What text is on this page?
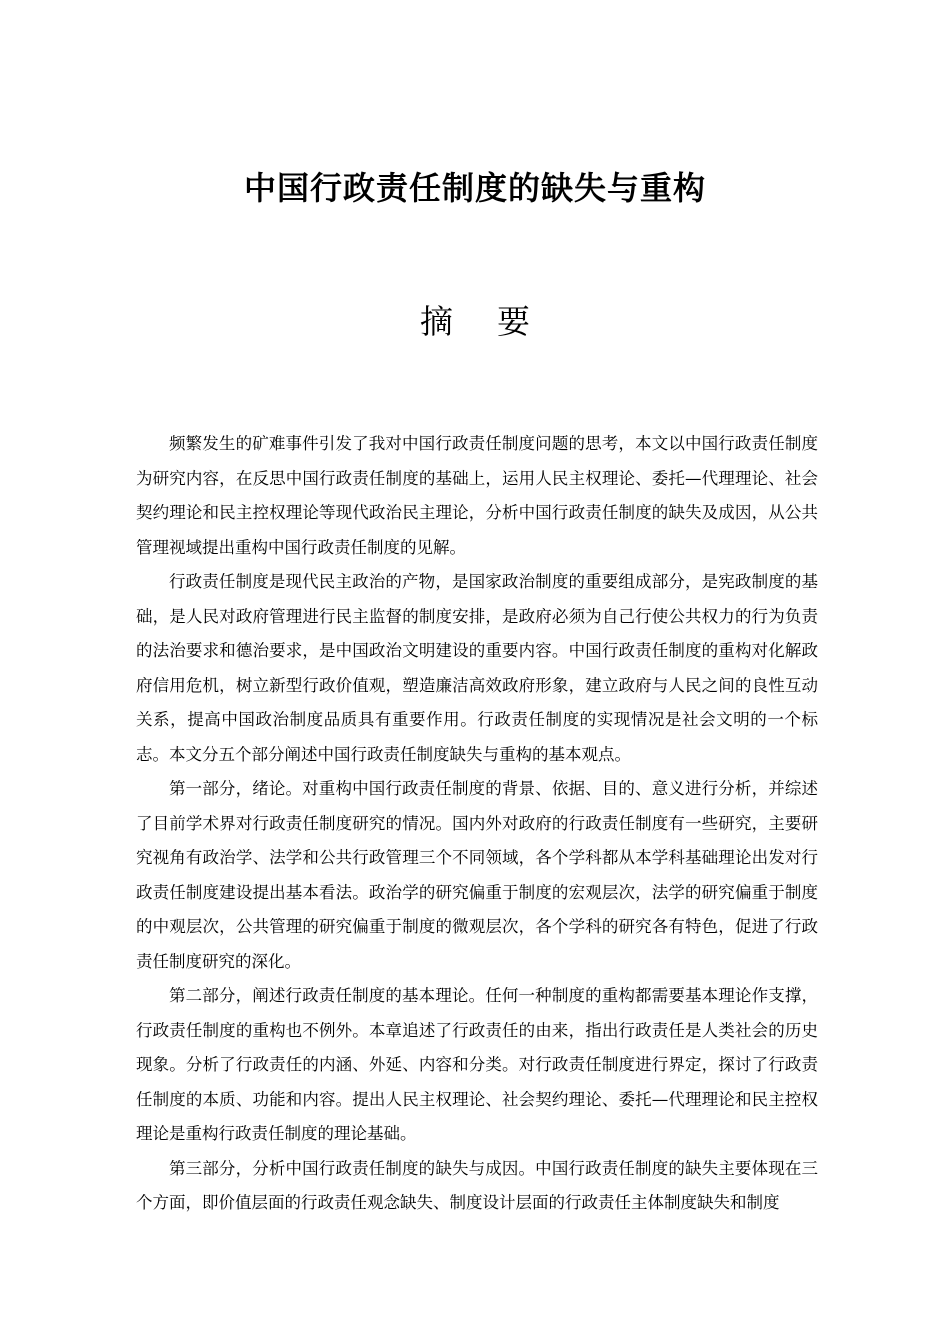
中国行政责任制度的缺失与重构
摘 要

频繁发生的矿难事件引发了我对中国行政责任制度问题的思考，本文以中国行政责任制度为研究内容，在反思中国行政责任制度的基础上，运用人民主权理论、委托—代理理论、社会契约理论和民主控权理论等现代政治民主理论，分析中国行政责任制度的缺失及成因，从公共管理视域提出重构中国行政责任制度的见解。

行政责任制度是现代民主政治的产物，是国家政治制度的重要组成部分，是宪政制度的基础，是人民对政府管理进行民主监督的制度安排，是政府必须为自己行使公共权力的行为负责的法治要求和德治要求，是中国政治文明建设的重要内容。中国行政责任制度的重构对化解政府信用危机，树立新型行政价值观，塑造廉洁高效政府形象，建立政府与人民之间的良性互动关系，提高中国政治制度品质具有重要作用。行政责任制度的实现情况是社会文明的一个标志。本文分五个部分阐述中国行政责任制度缺失与重构的基本观点。

第一部分，绪论。对重构中国行政责任制度的背景、依据、目的、意义进行分析，并综述了目前学术界对行政责任制度研究的情况。国内外对政府的行政责任制度有一些研究，主要研究视角有政治学、法学和公共行政管理三个不同领域，各个学科都从本学科基础理论出发对行政责任制度建设提出基本看法。政治学的研究偏重于制度的宏观层次，法学的研究偏重于制度的中观层次，公共管理的研究偏重于制度的微观层次，各个学科的研究各有特色，促进了行政责任制度研究的深化。

第二部分，阐述行政责任制度的基本理论。任何一种制度的重构都需要基本理论作支撑，行政责任制度的重构也不例外。本章追述了行政责任的由来，指出行政责任是人类社会的历史现象。分析了行政责任的内涵、外延、内容和分类。对行政责任制度进行界定，探讨了行政责任制度的本质、功能和内容。提出人民主权理论、社会契约理论、委托—代理理论和民主控权理论是重构行政责任制度的理论基础。

第三部分，分析中国行政责任制度的缺失与成因。中国行政责任制度的缺失主要体现在三个方面，即价值层面的行政责任观念缺失、制度设计层面的行政责任主体制度缺失和制度
